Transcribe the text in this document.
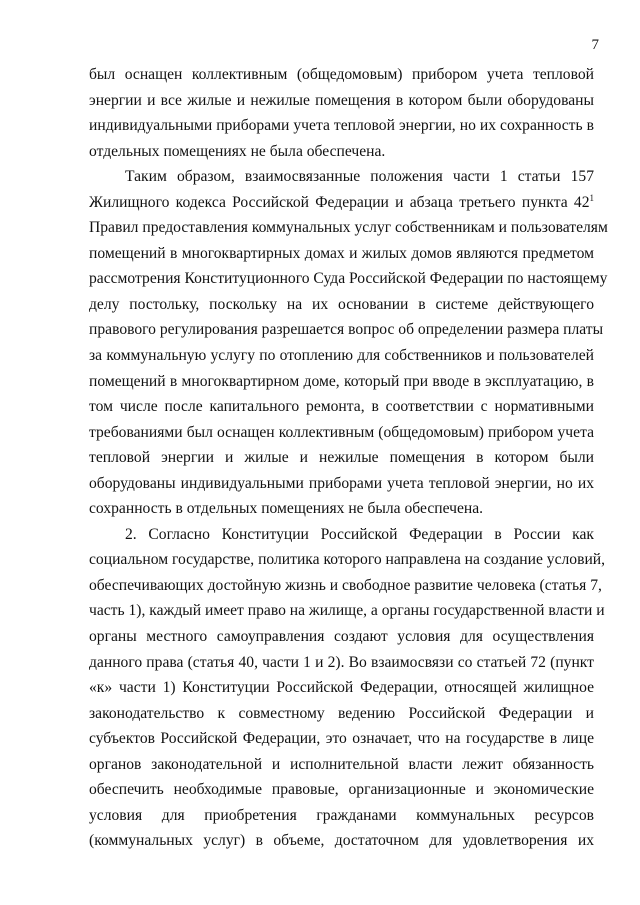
7
был оснащен коллективным (общедомовым) прибором учета тепловой
энергии и все жилые и нежилые помещения в котором были оборудованы
индивидуальными приборами учета тепловой энергии, но их сохранность в
отдельных помещениях не была обеспечена.
Таким образом, взаимосвязанные положения части 1 статьи 157
Жилищного кодекса Российской Федерации и абзаца третьего пункта $42^1$
Правил предоставления коммунальных услуг собственникам и пользователям
помещений в многоквартирных домах и жилых домов являются предметом
рассмотрения Конституционного Суда Российской Федерации по настоящему
делу постольку, поскольку на их основании в системе действующего
правового регулирования разрешается вопрос об определении размера платы
за коммунальную услугу по отоплению для собственников и пользователей
помещений в многоквартирном доме, который при вводе в эксплуатацию, в
том числе после капитального ремонта, в соответствии с нормативными
требованиями был оснащен коллективным (общедомовым) прибором учета
тепловой энергии и жилые и нежилые помещения в котором были
оборудованы индивидуальными приборами учета тепловой энергии, но их
сохранность в отдельных помещениях не была обеспечена.
2. Согласно Конституции Российской Федерации в России как
социальном государстве, политика которого направлена на создание условий,
обеспечивающих достойную жизнь и свободное развитие человека (статья 7,
часть 1), каждый имеет право на жилище, а органы государственной власти и
органы местного самоуправления создают условия для осуществления
данного права (статья 40, части 1 и 2). Во взаимосвязи со статьей 72 (пункт
«к» части 1) Конституции Российской Федерации, относящей жилищное
законодательство к совместному ведению Российской Федерации и
субъектов Российской Федерации, это означает, что на государстве в лице
органов законодательной и исполнительной власти лежит обязанность
обеспечить необходимые правовые, организационные и экономические
условия для приобретения гражданами коммунальных ресурсов
(коммунальных услуг) в объеме, достаточном для удовлетворения их
